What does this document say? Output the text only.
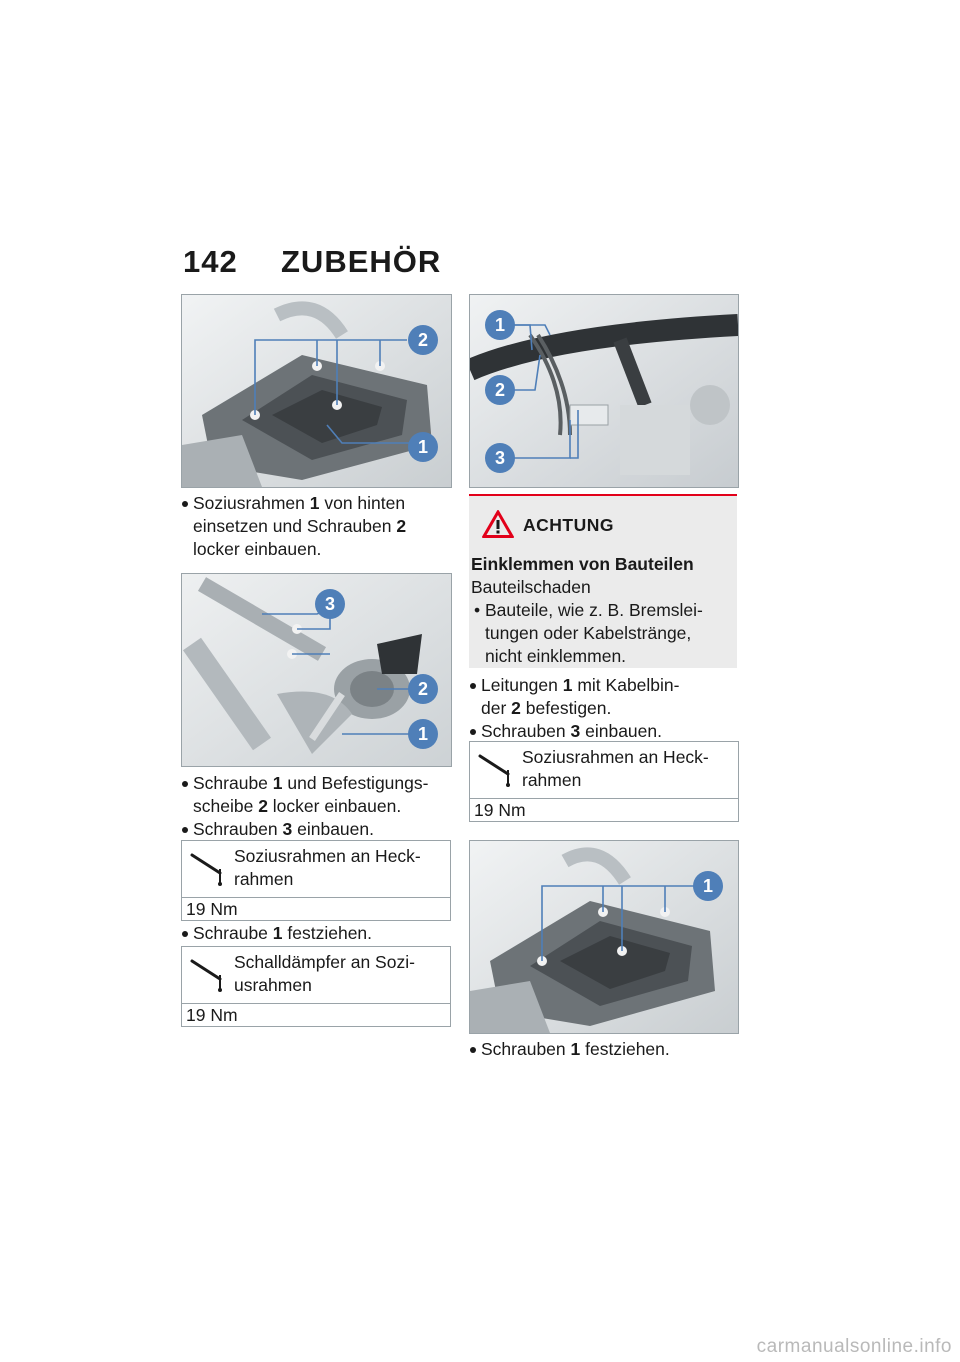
142 ZUBEHÖR
2
1
Soziusrahmen 1 von hinten
einsetzen und Schrauben 2
locker einbauen.
3
2
1
Schraube 1 und Befestigungs-
scheibe 2 locker einbauen.
Schrauben 3 einbauen.
Soziusrahmen an Heck-
rahmen
19 Nm
Schraube 1 festziehen.
Schalldämpfer an Sozi-
usrahmen
19 Nm
1
2
3
ACHTUNG
Einklemmen von Bauteilen
Bauteilschaden
• Bauteile, wie z. B. Bremslei-
tungen oder Kabelstränge,
nicht einklemmen.
Leitungen 1 mit Kabelbin-
der 2 befestigen.
Schrauben 3 einbauen.
Soziusrahmen an Heck-
rahmen
19 Nm
1
Schrauben 1 festziehen.
carmanualsonline.info
